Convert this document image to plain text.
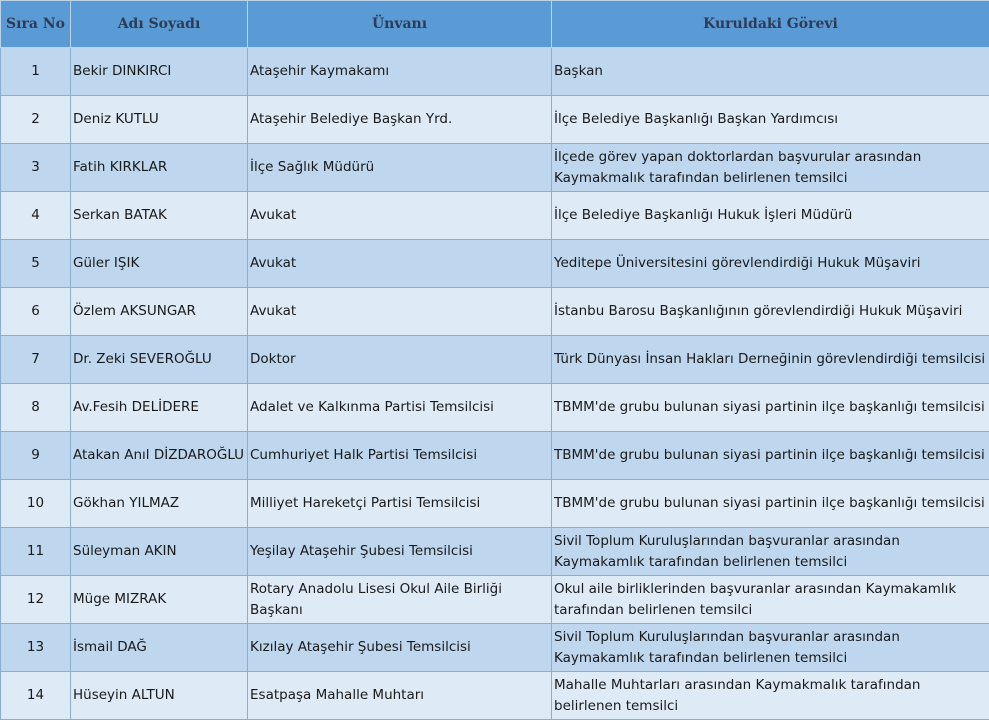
Sıra No	Adı Soyadı	Ünvanı	Kuruldaki Görevi
1	Bekir DINKIRCI	Ataşehir Kaymakamı	Başkan
2	Deniz KUTLU	Ataşehir Belediye Başkan Yrd.	İlçe Belediye Başkanlığı Başkan Yardımcısı
3	Fatih KIRKLAR	İlçe Sağlık Müdürü	İlçede görev yapan doktorlardan başvurular arasından Kaymakmalık tarafından belirlenen temsilci
4	Serkan BATAK	Avukat	İlçe Belediye Başkanlığı Hukuk İşleri Müdürü
5	Güler IŞIK	Avukat	Yeditepe Üniversitesini görevlendirdiği Hukuk Müşaviri
6	Özlem AKSUNGAR	Avukat	İstanbu Barosu Başkanlığının görevlendirdiği Hukuk Müşaviri
7	Dr. Zeki SEVEROĞLU	Doktor	Türk Dünyası İnsan Hakları Derneğinin görevlendirdiği temsilcisi
8	Av.Fesih DELİDERE	Adalet ve Kalkınma Partisi Temsilcisi	TBMM'de grubu bulunan siyasi partinin ilçe başkanlığı temsilcisi
9	Atakan Anıl DİZDAROĞLU	Cumhuriyet Halk Partisi Temsilcisi	TBMM'de grubu bulunan siyasi partinin ilçe başkanlığı temsilcisi
10	Gökhan YILMAZ	Milliyet Hareketçi Partisi Temsilcisi	TBMM'de grubu bulunan siyasi partinin ilçe başkanlığı temsilcisi
11	Süleyman AKIN	Yeşilay Ataşehir Şubesi Temsilcisi	Sivil Toplum Kuruluşlarından başvuranlar arasından Kaymakamlık tarafından belirlenen temsilci
12	Müge MIZRAK	Rotary Anadolu Lisesi Okul Aile Birliği Başkanı	Okul aile birliklerinden başvuranlar arasından Kaymakamlık tarafından belirlenen temsilci
13	İsmail DAĞ	Kızılay Ataşehir Şubesi Temsilcisi	Sivil Toplum Kuruluşlarından başvuranlar arasından Kaymakamlık tarafından belirlenen temsilci
14	Hüseyin ALTUN	Esatpaşa Mahalle Muhtarı	Mahalle Muhtarları arasından Kaymakmalık tarafından belirlenen temsilci
